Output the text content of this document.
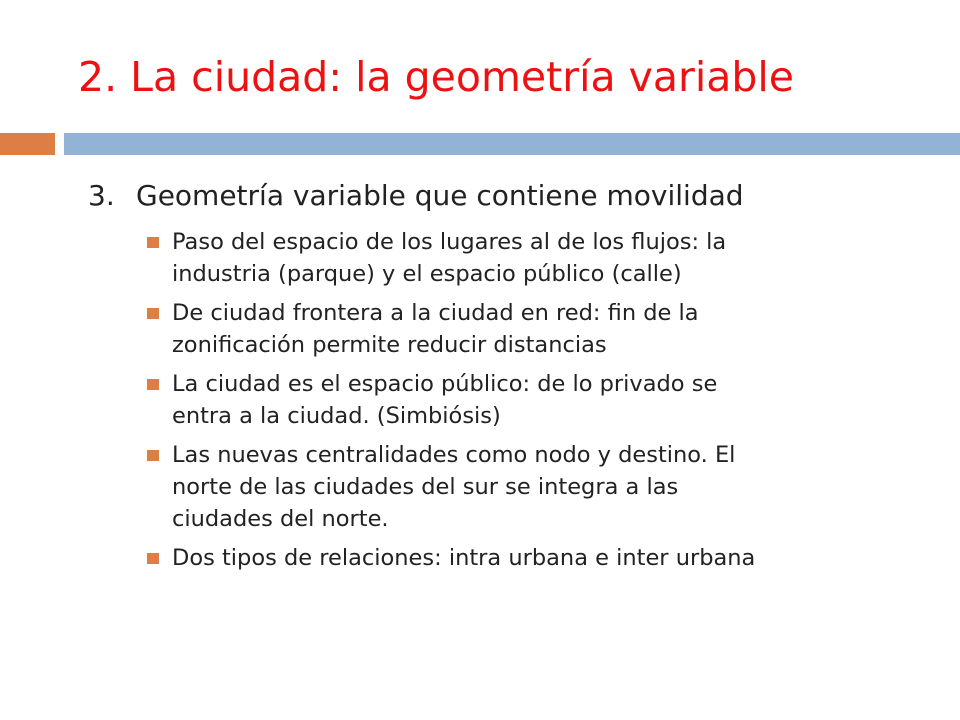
2. La ciudad: la geometría variable
3. Geometría variable que contiene movilidad
Paso del espacio de los lugares al de los flujos: la
industria (parque) y el espacio público (calle)
De ciudad frontera a la ciudad en red: fin de la
zonificación permite reducir distancias
La ciudad es el espacio público: de lo privado se
entra a la ciudad. (Simbiósis)
Las nuevas centralidades como nodo y destino. El
norte de las ciudades del sur se integra a las
ciudades del norte.
Dos tipos de relaciones: intra urbana e inter urbana
